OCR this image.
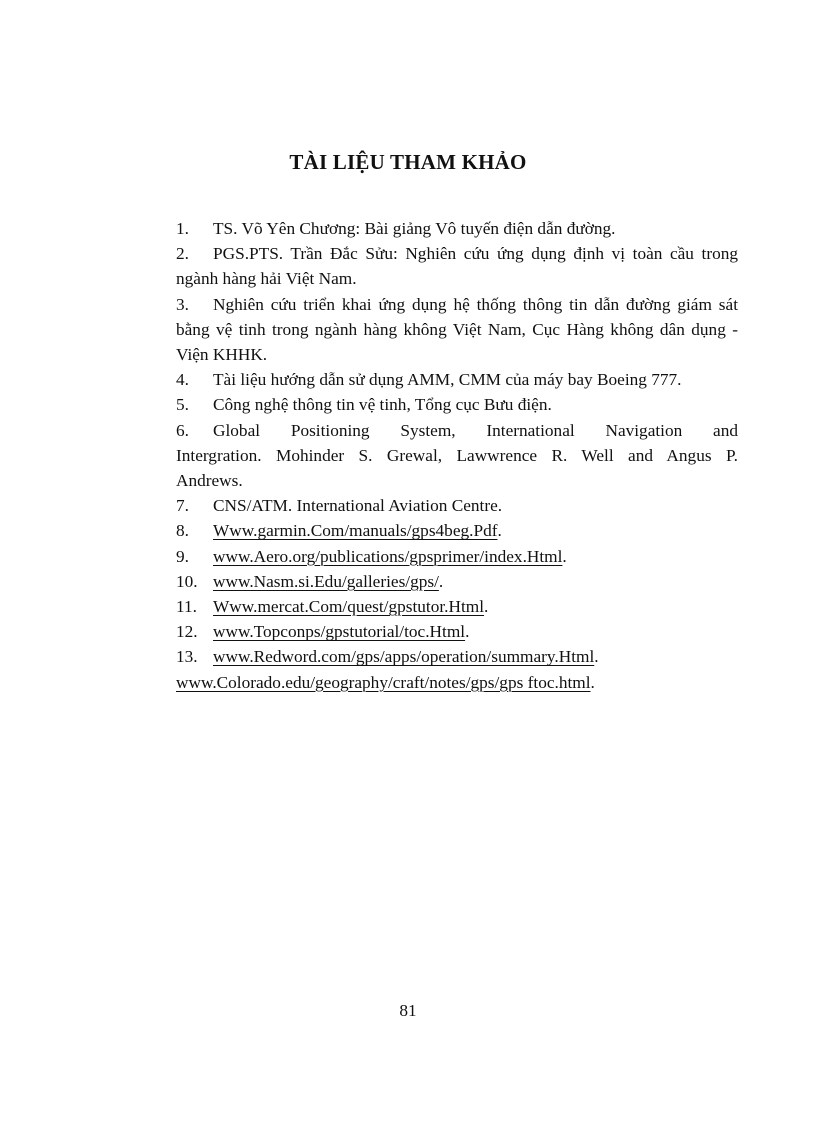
TÀI LIỆU THAM KHẢO

1. TS. Võ Yên Chương: Bài giảng Vô tuyến điện dẫn đường.

2. PGS.PTS. Trần Đắc Sửu: Nghiên cứu ứng dụng định vị toàn cầu trong ngành hàng hải Việt Nam.

3. Nghiên cứu triển khai ứng dụng hệ thống thông tin dẫn đường giám sát bằng vệ tinh trong ngành hàng không Việt Nam, Cục Hàng không dân dụng - Viện KHHK.

4. Tài liệu hướng dẫn sử dụng AMM, CMM của máy bay Boeing 777.

5. Công nghệ thông tin vệ tinh, Tổng cục Bưu điện.

6. Global Positioning System, International Navigation and

Intergration. Mohinder S. Grewal, Lawwrence R. Well and Angus P.

Andrews.

7. CNS/ATM. International Aviation Centre.

8. Www.garmin.Com/manuals/gps4beg.Pdf.

9. www.Aero.org/publications/gpsprimer/index.Html.

10. www.Nasm.si.Edu/galleries/gps/.

11. Www.mercat.Com/quest/gpstutor.Html.

12. www.Topconps/gpstutorial/toc.Html.

13. www.Redword.com/gps/apps/operation/summary.Html.

www.Colorado.edu/geography/craft/notes/gps/gps ftoc.html.

81
